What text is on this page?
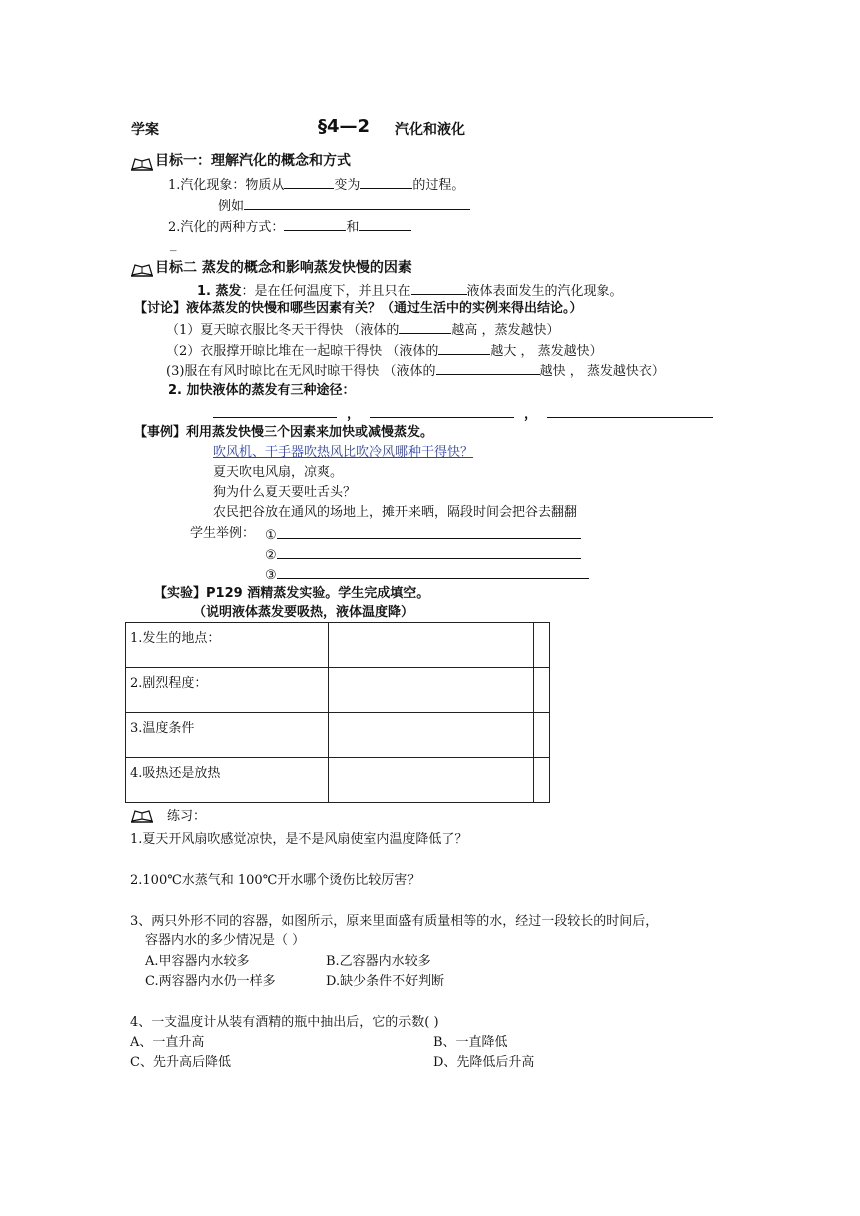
学案	§4—2 汽化和液化
目标一：理解汽化的概念和方式
1.汽化现象：物质从	变为	的过程。
例如
2.汽化的两种方式：	和
_
目标二 蒸发的概念和影响蒸发快慢的因素
1. 蒸发：是在任何温度下，并且只在	液体表面发生的汽化现象。
【讨论】液体蒸发的快慢和哪些因素有关？（通过生活中的实例来得出结论。）
（1）夏天晾衣服比冬天干得快 （液体的	越高 ，蒸发越快）
（2）衣服撑开晾比堆在一起晾干得快 （液体的	越大 ， 蒸发越快）
(3)服在有风时晾比在无风时晾干得快 （液体的	越快 ， 蒸发越快衣）
2. 加快液体的蒸发有三种途径：
，	，
【事例】利用蒸发快慢三个因素来加快或减慢蒸发。
吹风机、干手器吹热风比吹冷风哪种干得快？
夏天吹电风扇，凉爽。
狗为什么夏天要吐舌头？
农民把谷放在通风的场地上，摊开来晒，隔段时间会把谷去翻翻
学生举例： ①
②
③
【实验】P129 酒精蒸发实验。学生完成填空。
（说明液体蒸发要吸热，液体温度降）
1.发生的地点：		
2.剧烈程度：		
3.温度条件		
4.吸热还是放热		
练习：
1.夏天开风扇吹感觉凉快，是不是风扇使室内温度降低了？
2.100℃水蒸气和 100℃开水哪个烫伤比较厉害？
3、两只外形不同的容器，如图所示，原来里面盛有质量相等的水，经过一段较长的时间后，
容器内水的多少情况是（ ）
A.甲容器内水较多	B.乙容器内水较多
C.两容器内水仍一样多	D.缺少条件不好判断
4、一支温度计从装有酒精的瓶中抽出后，它的示数( )
A、一直升高	B、一直降低
C、先升高后降低	D、先降低后升高
